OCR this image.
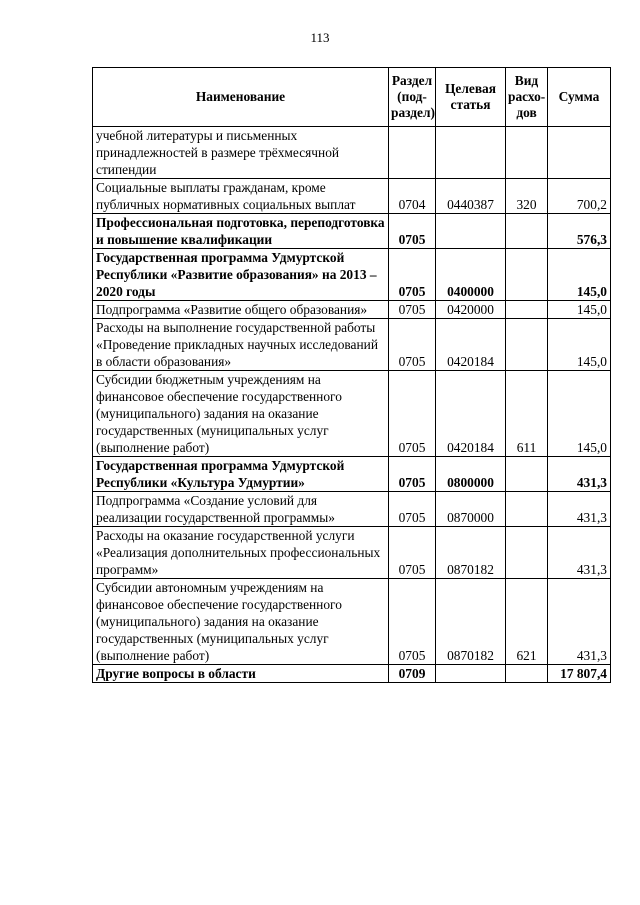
113
Наименование	Раздел (под-раздел)	Целевая статья	Вид расхо-дов	Сумма
учебной литературы и письменных принадлежностей в размере трёхмесячной стипендии				
Социальные выплаты гражданам, кроме публичных нормативных социальных выплат	0704	0440387	320	700,2
Профессиональная подготовка, переподготовка и повышение квалификации	0705			576,3
Государственная программа Удмуртской Республики «Развитие образования» на 2013 – 2020 годы	0705	0400000		145,0
Подпрограмма «Развитие общего образования»	0705	0420000		145,0
Расходы на выполнение государственной работы «Проведение прикладных научных исследований в области образования»	0705	0420184		145,0
Субсидии бюджетным учреждениям на финансовое обеспечение государственного (муниципального) задания на оказание государственных (муниципальных услуг (выполнение работ)	0705	0420184	611	145,0
Государственная программа Удмуртской Республики «Культура Удмуртии»	0705	0800000		431,3
Подпрограмма «Создание условий для реализации государственной программы»	0705	0870000		431,3
Расходы на оказание государственной услуги «Реализация дополнительных профессиональных программ»	0705	0870182		431,3
Субсидии автономным учреждениям на финансовое обеспечение государственного (муниципального) задания на оказание государственных (муниципальных услуг (выполнение работ)	0705	0870182	621	431,3
Другие вопросы в области	0709			17 807,4
